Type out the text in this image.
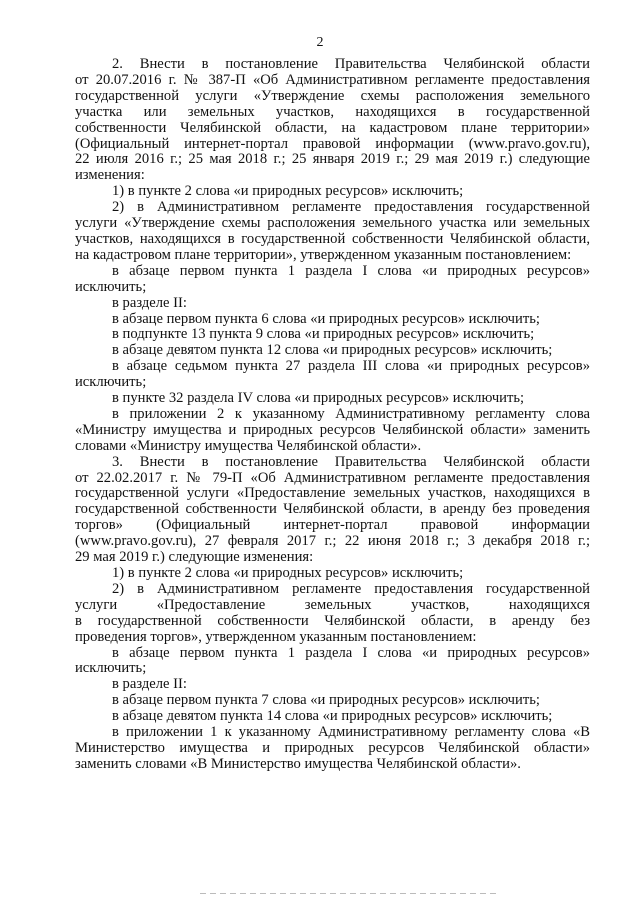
2
2. Внести в постановление Правительства Челябинской области
от 20.07.2016 г. № 387-П «Об Административном регламенте предоставления
государственной услуги «Утверждение схемы расположения земельного
участка или земельных участков, находящихся в государственной
собственности Челябинской области, на кадастровом плане территории»
(Официальный интернет-портал правовой информации (www.pravo.gov.ru),
22 июля 2016 г.; 25 мая 2018 г.; 25 января 2019 г.; 29 мая 2019 г.) следующие
изменения:
1) в пункте 2 слова «и природных ресурсов» исключить;
2) в Административном регламенте предоставления государственной
услуги «Утверждение схемы расположения земельного участка или земельных
участков, находящихся в государственной собственности Челябинской области,
на кадастровом плане территории», утвержденном указанным постановлением:
в абзаце первом пункта 1 раздела I слова «и природных ресурсов»
исключить;
в разделе II:
в абзаце первом пункта 6 слова «и природных ресурсов» исключить;
в подпункте 13 пункта 9 слова «и природных ресурсов» исключить;
в абзаце девятом пункта 12 слова «и природных ресурсов» исключить;
в абзаце седьмом пункта 27 раздела III слова «и природных ресурсов»
исключить;
в пункте 32 раздела IV слова «и природных ресурсов» исключить;
в приложении 2 к указанному Административному регламенту слова
«Министру имущества и природных ресурсов Челябинской области» заменить
словами «Министру имущества Челябинской области».
3. Внести в постановление Правительства Челябинской области
от 22.02.2017 г. № 79-П «Об Административном регламенте предоставления
государственной услуги «Предоставление земельных участков, находящихся в
государственной собственности Челябинской области, в аренду без проведения
торгов» (Официальный интернет-портал правовой информации
(www.pravo.gov.ru), 27 февраля 2017 г.; 22 июня 2018 г.; 3 декабря 2018 г.;
29 мая 2019 г.) следующие изменения:
1) в пункте 2 слова «и природных ресурсов» исключить;
2) в Административном регламенте предоставления государственной
услуги «Предоставление земельных участков, находящихся
в государственной собственности Челябинской области, в аренду без
проведения торгов», утвержденном указанным постановлением:
в абзаце первом пункта 1 раздела I слова «и природных ресурсов»
исключить;
в разделе II:
в абзаце первом пункта 7 слова «и природных ресурсов» исключить;
в абзаце девятом пункта 14 слова «и природных ресурсов» исключить;
в приложении 1 к указанному Административному регламенту слова «В
Министерство имущества и природных ресурсов Челябинской области»
заменить словами «В Министерство имущества Челябинской области».
